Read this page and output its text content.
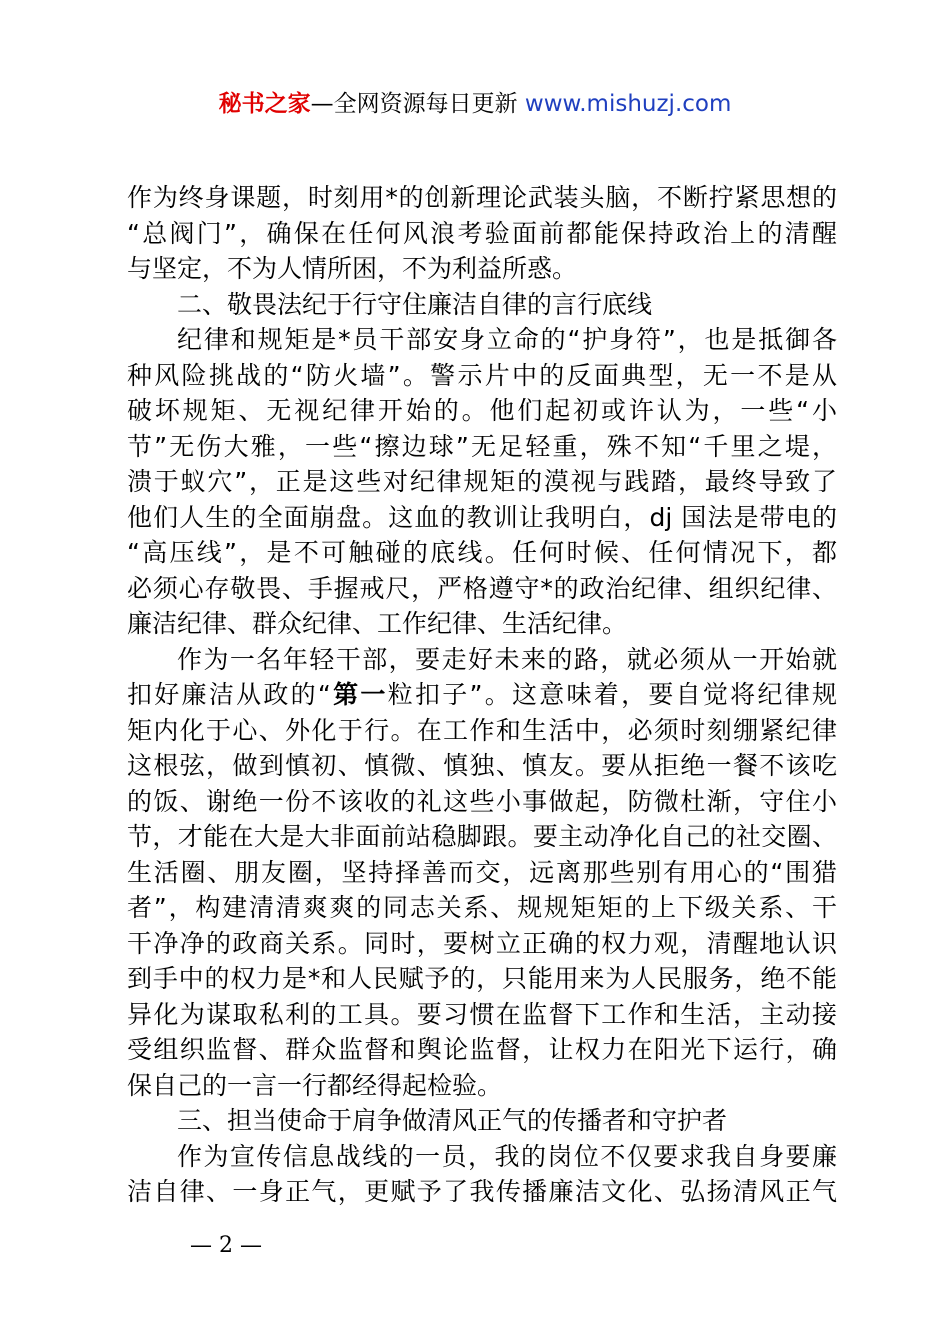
秘书之家—全网资源每日更新 www.mishuzj.com
作为终身课题，时刻用*的创新理论武装头脑，不断拧紧思想的
“总阀门”，确保在任何风浪考验面前都能保持政治上的清醒
与坚定，不为人情所困，不为利益所惑。
二、敬畏法纪于行守住廉洁自律的言行底线
纪律和规矩是*员干部安身立命的“护身符”，也是抵御各
种风险挑战的“防火墙”。警示片中的反面典型，无一不是从
破坏规矩、无视纪律开始的。他们起初或许认为，一些“小
节”无伤大雅，一些“擦边球”无足轻重，殊不知“千里之堤，
溃于蚁穴”，正是这些对纪律规矩的漠视与践踏，最终导致了
他们人生的全面崩盘。这血的教训让我明白，dj 国法是带电的
“高压线”，是不可触碰的底线。任何时候、任何情况下，都
必须心存敬畏、手握戒尺，严格遵守*的政治纪律、组织纪律、
廉洁纪律、群众纪律、工作纪律、生活纪律。
作为一名年轻干部，要走好未来的路，就必须从一开始就
扣好廉洁从政的“第一粒扣子”。这意味着，要自觉将纪律规
矩内化于心、外化于行。在工作和生活中，必须时刻绷紧纪律
这根弦，做到慎初、慎微、慎独、慎友。要从拒绝一餐不该吃
的饭、谢绝一份不该收的礼这些小事做起，防微杜渐，守住小
节，才能在大是大非面前站稳脚跟。要主动净化自己的社交圈、
生活圈、朋友圈，坚持择善而交，远离那些别有用心的“围猎
者”，构建清清爽爽的同志关系、规规矩矩的上下级关系、干
干净净的政商关系。同时，要树立正确的权力观，清醒地认识
到手中的权力是*和人民赋予的，只能用来为人民服务，绝不能
异化为谋取私利的工具。要习惯在监督下工作和生活，主动接
受组织监督、群众监督和舆论监督，让权力在阳光下运行，确
保自己的一言一行都经得起检验。
三、担当使命于肩争做清风正气的传播者和守护者
作为宣传信息战线的一员，我的岗位不仅要求我自身要廉
洁自律、一身正气，更赋予了我传播廉洁文化、弘扬清风正气
— 2 —
